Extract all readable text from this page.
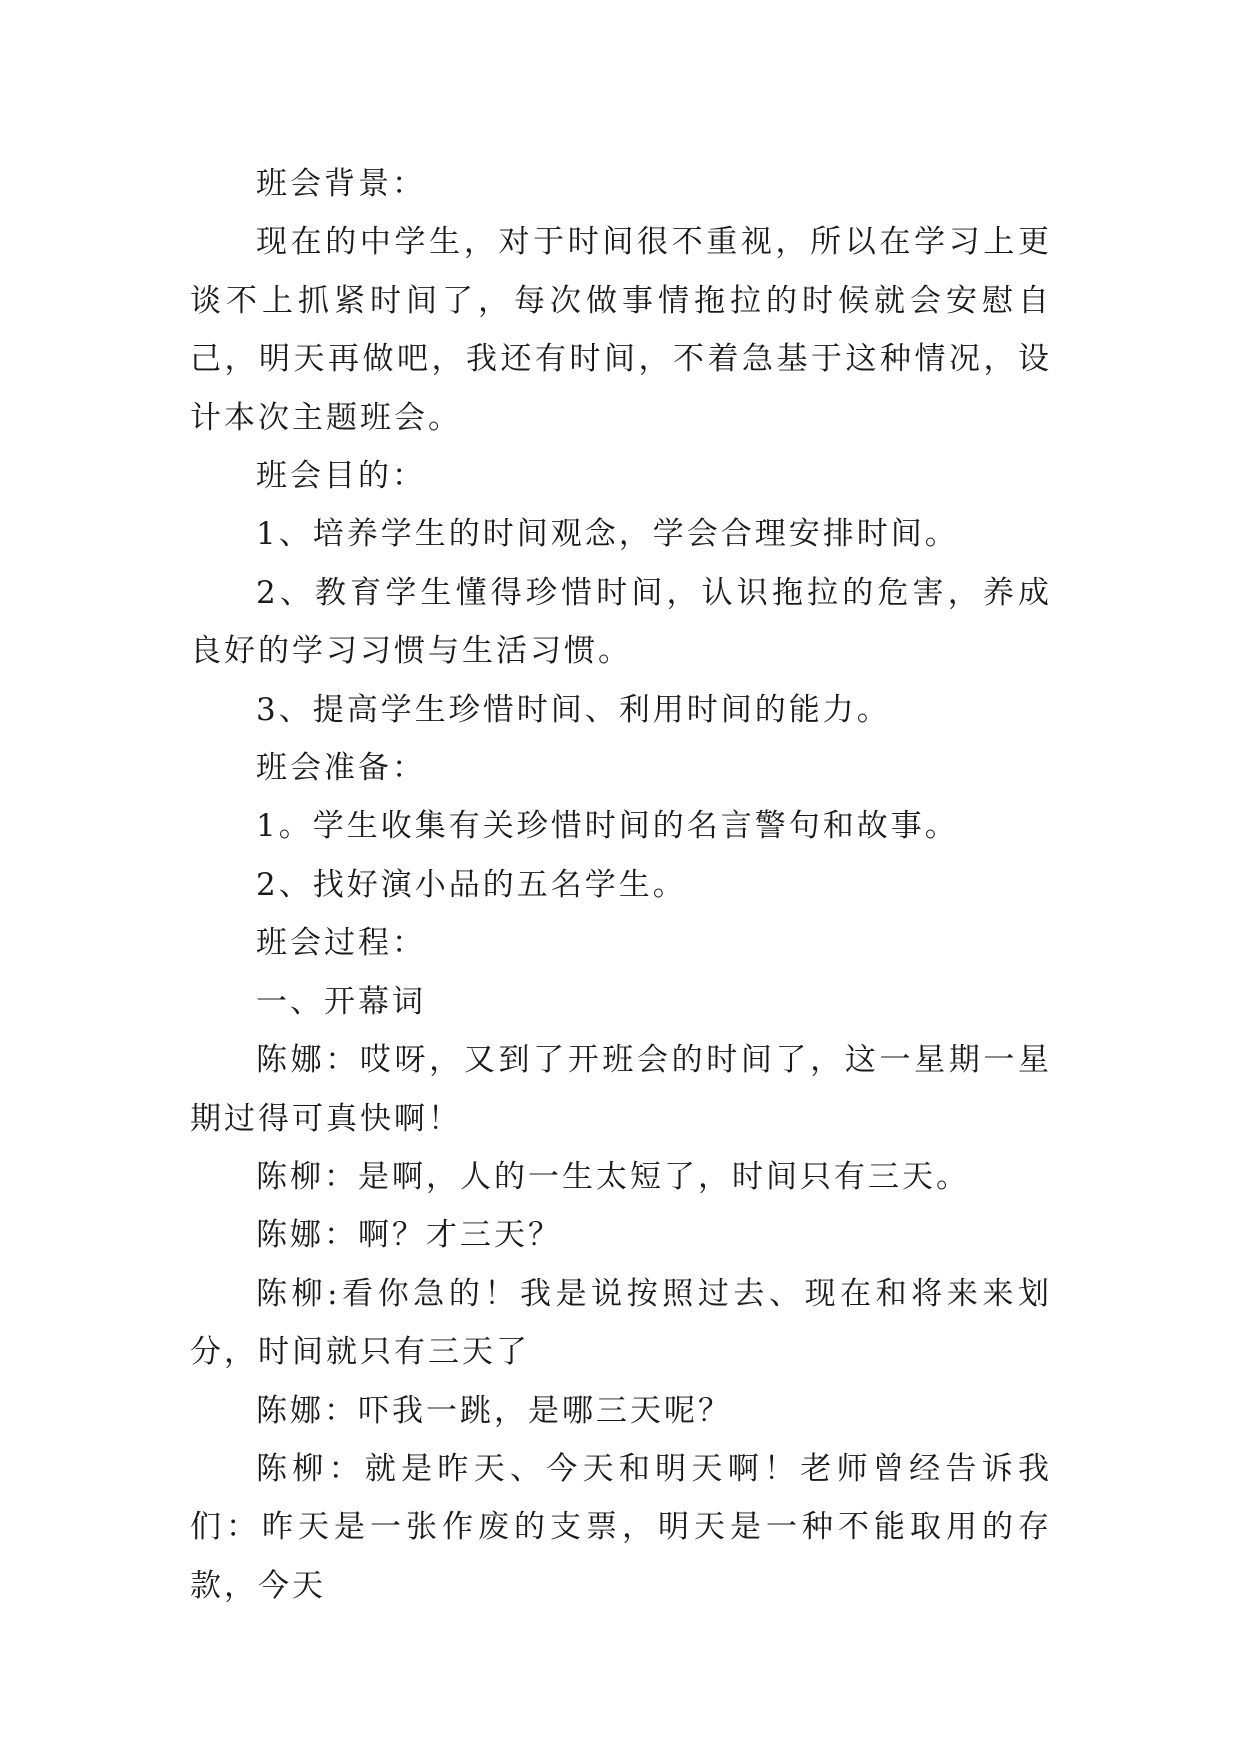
班会背景：

现在的中学生，对于时间很不重视，所以在学习上更谈不上抓紧时间了，每次做事情拖拉的时候就会安慰自己，明天再做吧，我还有时间，不着急基于这种情况，设计本次主题班会。

班会目的：

1、培养学生的时间观念，学会合理安排时间。

2、教育学生懂得珍惜时间，认识拖拉的危害，养成良好的学习习惯与生活习惯。

3、提高学生珍惜时间、利用时间的能力。

班会准备：

1。学生收集有关珍惜时间的名言警句和故事。

2、找好演小品的五名学生。

班会过程：

一、开幕词

陈娜：哎呀，又到了开班会的时间了，这一星期一星期过得可真快啊！

陈柳：是啊，人的一生太短了，时间只有三天。

陈娜：啊？才三天？

陈柳:看你急的！我是说按照过去、现在和将来来划分，时间就只有三天了

陈娜：吓我一跳，是哪三天呢？

陈柳：就是昨天、今天和明天啊！老师曾经告诉我们：昨天是一张作废的支票，明天是一种不能取用的存款，今天
